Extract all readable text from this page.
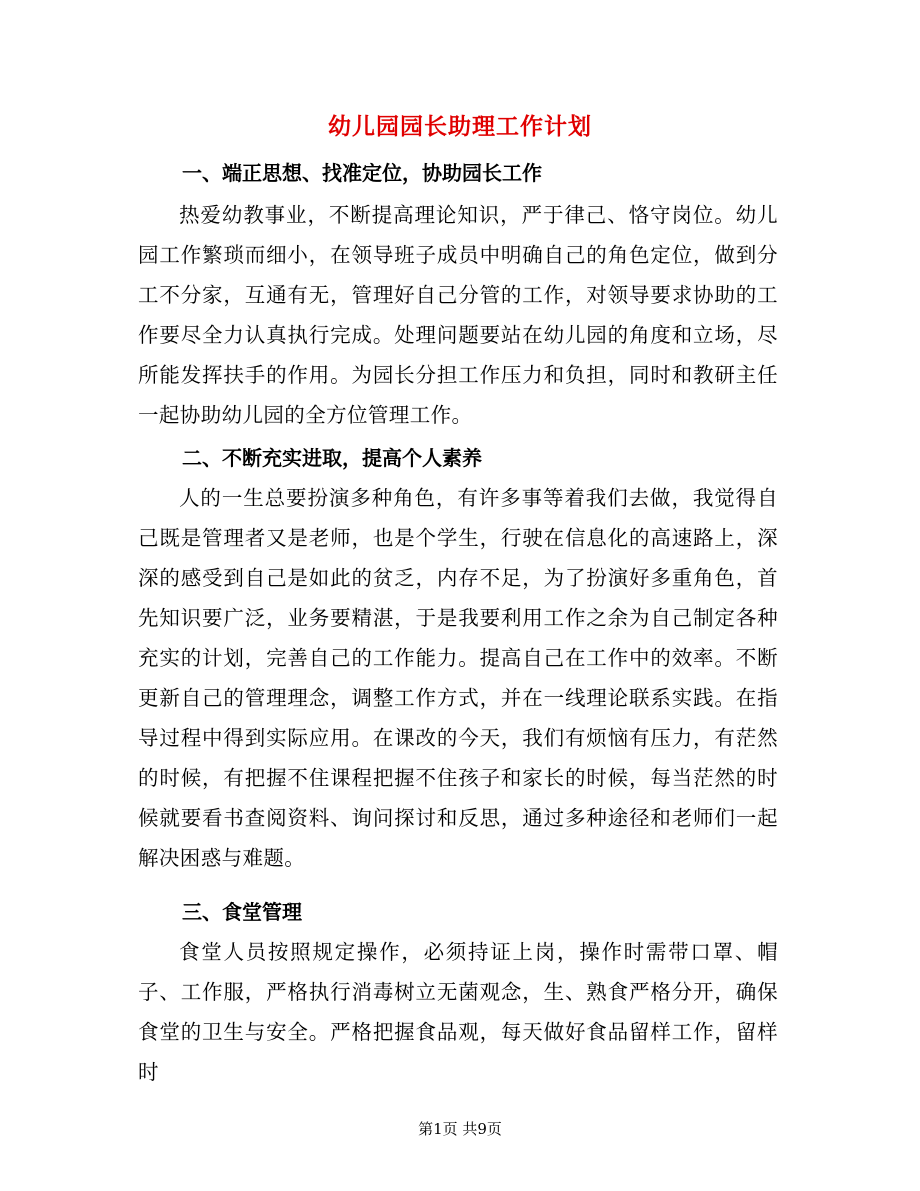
幼儿园园长助理工作计划
一、端正思想、找准定位，协助园长工作

热爱幼教事业，不断提高理论知识，严于律己、恪守岗位。幼儿园工作繁琐而细小，在领导班子成员中明确自己的角色定位，做到分工不分家，互通有无，管理好自己分管的工作，对领导要求协助的工作要尽全力认真执行完成。处理问题要站在幼儿园的角度和立场，尽所能发挥扶手的作用。为园长分担工作压力和负担，同时和教研主任一起协助幼儿园的全方位管理工作。

二、不断充实进取，提高个人素养

人的一生总要扮演多种角色，有许多事等着我们去做，我觉得自己既是管理者又是老师，也是个学生，行驶在信息化的高速路上，深深的感受到自己是如此的贫乏，内存不足，为了扮演好多重角色，首先知识要广泛，业务要精湛，于是我要利用工作之余为自己制定各种充实的计划，完善自己的工作能力。提高自己在工作中的效率。不断更新自己的管理理念，调整工作方式，并在一线理论联系实践。在指导过程中得到实际应用。在课改的今天，我们有烦恼有压力，有茫然的时候，有把握不住课程把握不住孩子和家长的时候，每当茫然的时候就要看书查阅资料、询问探讨和反思，通过多种途径和老师们一起解决困惑与难题。

三、食堂管理

食堂人员按照规定操作，必须持证上岗，操作时需带口罩、帽子、工作服，严格执行消毒树立无菌观念，生、熟食严格分开，确保食堂的卫生与安全。严格把握食品观，每天做好食品留样工作，留样时

第1页 共9页
